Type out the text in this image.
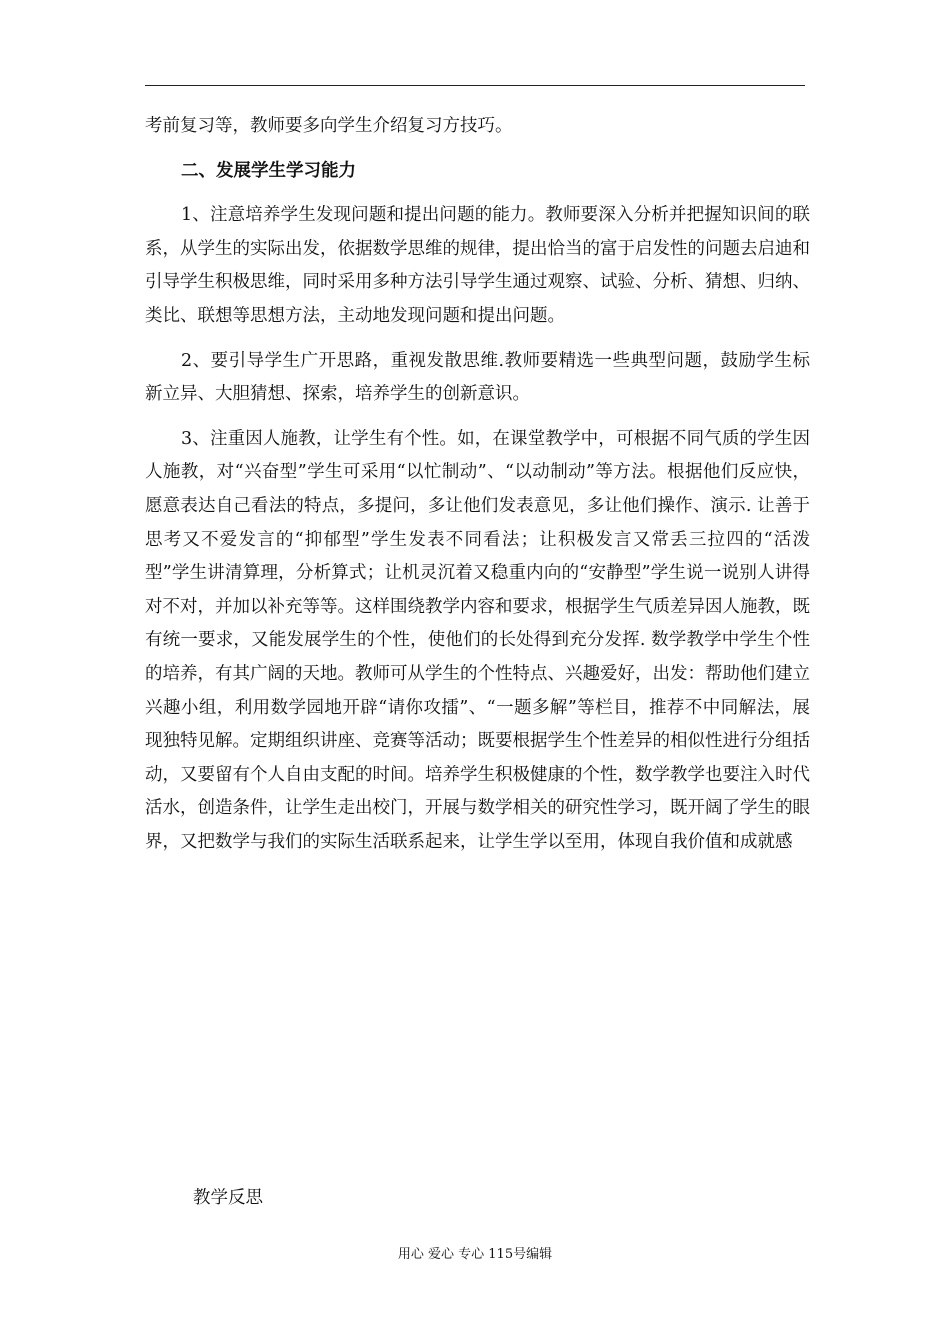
考前复习等，教师要多向学生介绍复习方技巧。

二、发展学生学习能力

1、注意培养学生发现问题和提出问题的能力。教师要深入分析并把握知识间的联系，从学生的实际出发，依据数学思维的规律，提出恰当的富于启发性的问题去启迪和引导学生积极思维，同时采用多种方法引导学生通过观察、试验、分析、猜想、归纳、类比、联想等思想方法，主动地发现问题和提出问题。

2、要引导学生广开思路，重视发散思维.教师要精选一些典型问题，鼓励学生标新立异、大胆猜想、探索，培养学生的创新意识。

3、注重因人施教，让学生有个性。如，在课堂教学中，可根据不同气质的学生因人施教，对“兴奋型”学生可采用“以忙制动”、“以动制动”等方法。根据他们反应快，愿意表达自己看法的特点，多提问，多让他们发表意见，多让他们操作、演示. 让善于思考又不爱发言的“抑郁型”学生发表不同看法；让积极发言又常丢三拉四的“活泼型”学生讲清算理，分析算式；让机灵沉着又稳重内向的“安静型”学生说一说别人讲得对不对，并加以补充等等。这样围绕教学内容和要求，根据学生气质差异因人施教，既有统一要求，又能发展学生的个性，使他们的长处得到充分发挥. 数学教学中学生个性的培养，有其广阔的天地。教师可从学生的个性特点、兴趣爱好，出发：帮助他们建立兴趣小组，利用数学园地开辟“请你攻擂”、“一题多解”等栏目，推荐不中同解法，展现独特见解。定期组织讲座、竞赛等活动；既要根据学生个性差异的相似性进行分组括动，又要留有个人自由支配的时间。培养学生积极健康的个性，数学教学也要注入时代活水，创造条件，让学生走出校门，开展与数学相关的研究性学习，既开阔了学生的眼界，又把数学与我们的实际生活联系起来，让学生学以至用，体现自我价值和成就感

教学反思
用心 爱心 专心 115号编辑
